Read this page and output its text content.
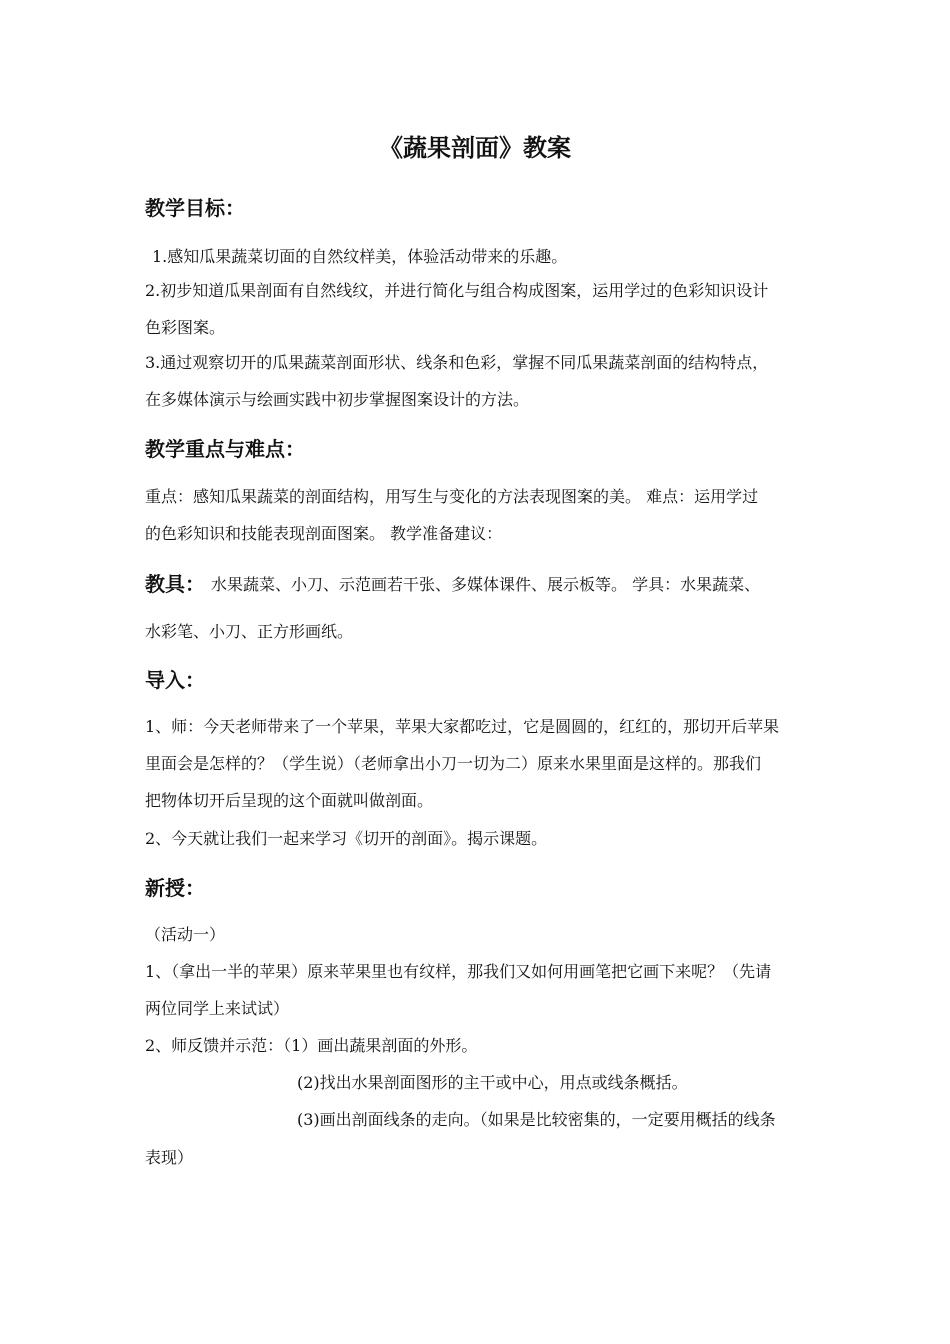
《蔬果剖面》教案
教学目标：
1.感知瓜果蔬菜切面的自然纹样美，体验活动带来的乐趣。
2.初步知道瓜果剖面有自然线纹，并进行简化与组合构成图案，运用学过的色彩知识设计
色彩图案。
3.通过观察切开的瓜果蔬菜剖面形状、线条和色彩，掌握不同瓜果蔬菜剖面的结构特点，
在多媒体演示与绘画实践中初步掌握图案设计的方法。
教学重点与难点：
重点：感知瓜果蔬菜的剖面结构，用写生与变化的方法表现图案的美。 难点：运用学过
的色彩知识和技能表现剖面图案。 教学准备建议：
教具： 水果蔬菜、小刀、示范画若干张、多媒体课件、展示板等。 学具：水果蔬菜、
水彩笔、小刀、正方形画纸。
导入：
1、师：今天老师带来了一个苹果，苹果大家都吃过，它是圆圆的，红红的，那切开后苹果
里面会是怎样的？（学生说）（老师拿出小刀一切为二）原来水果里面是这样的。那我们
把物体切开后呈现的这个面就叫做剖面。
2、今天就让我们一起来学习《切开的剖面》。揭示课题。
新授：
（活动一）
1、（拿出一半的苹果）原来苹果里也有纹样，那我们又如何用画笔把它画下来呢？（先请
两位同学上来试试）
2、师反馈并示范：（1）画出蔬果剖面的外形。
(2)找出水果剖面图形的主干或中心，用点或线条概括。
(3)画出剖面线条的走向。（如果是比较密集的，一定要用概括的线条
表现）
